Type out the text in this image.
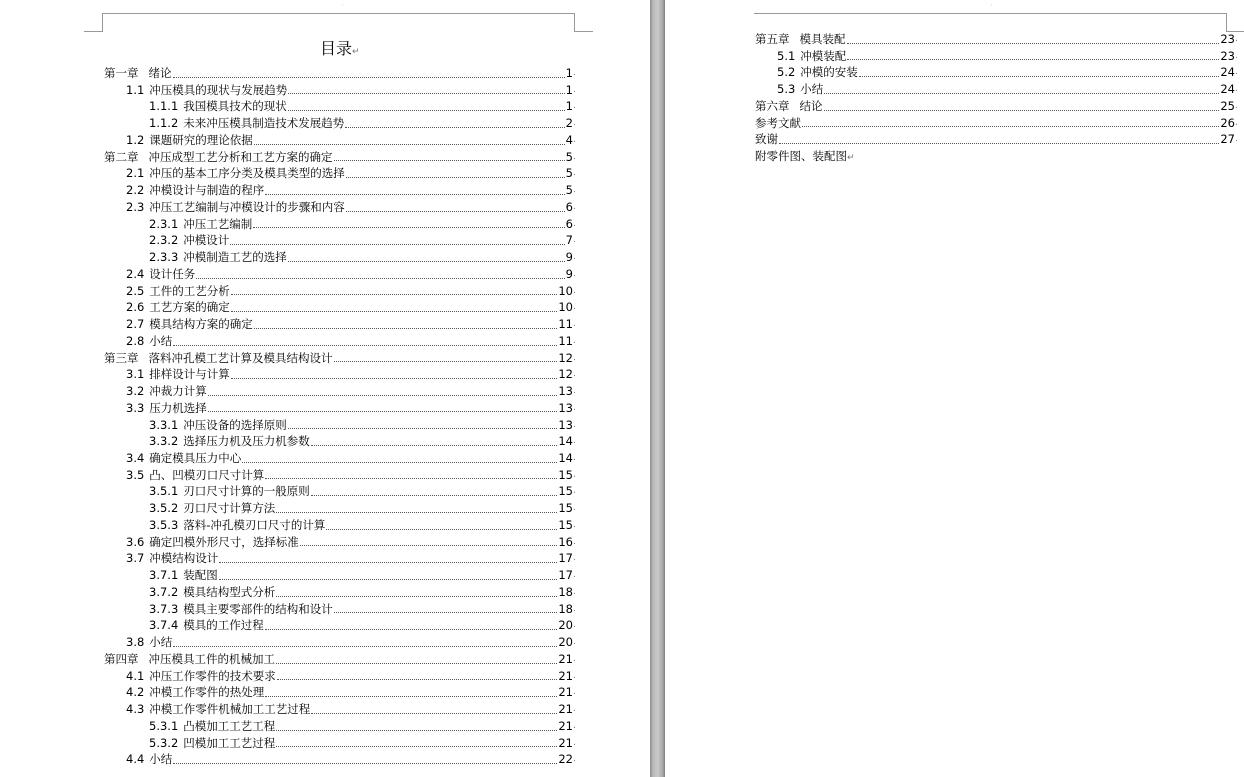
˙
目录↵
第一章 绪论	1 .
1.1 冲压模具的现状与发展趋势	1 .
1.1.1 我国模具技术的现状	1 .
1.1.2 未来冲压模具制造技术发展趋势	2 .
1.2 课题研究的理论依据	4 .
第二章 冲压成型工艺分析和工艺方案的确定	5 .
2.1 冲压的基本工序分类及模具类型的选择	5 .
2.2 冲模设计与制造的程序	5 .
2.3 冲压工艺编制与冲模设计的步骤和内容	6 .
2.3.1 冲压工艺编制	6 .
2.3.2 冲模设计	7 .
2.3.3 冲模制造工艺的选择	9 .
2.4 设计任务	9 .
2.5 工件的工艺分析	10 .
2.6 工艺方案的确定	10 .
2.7 模具结构方案的确定	11 .
2.8 小结	11 .
第三章 落料冲孔模工艺计算及模具结构设计	12 .
3.1 排样设计与计算	12 .
3.2 冲裁力计算	13 .
3.3 压力机选择	13 .
3.3.1 冲压设备的选择原则	13 .
3.3.2 选择压力机及压力机参数	14 .
3.4 确定模具压力中心	14 .
3.5 凸、凹模刃口尺寸计算	15 .
3.5.1 刃口尺寸计算的一般原则	15 .
3.5.2 刃口尺寸计算方法	15 .
3.5.3 落料-冲孔模刃口尺寸的计算	15 .
3.6 确定凹模外形尺寸，选择标准	16 .
3.7 冲模结构设计	17 .
3.7.1 装配图	17 .
3.7.2 模具结构型式分析	18 .
3.7.3 模具主要零部件的结构和设计	18 .
3.7.4 模具的工作过程	20 .
3.8 小结	20 .
第四章 冲压模具工件的机械加工	21 .
4.1 冲压工作零件的技术要求	21 .
4.2 冲模工作零件的热处理	21 .
4.3 冲模工作零件机械加工工艺过程	21 .
5.3.1 凸模加工工艺工程	21 .
5.3.2 凹模加工工艺过程	21 .
4.4 小结	22 .
˙
第五章 模具装配	23 .
5.1 冲模装配	23 .
5.2 冲模的安装	24 .
5.3 小结	24 .
第六章 结论	25 .
参考文献	26 .
致谢	27 .
附零件图、装配图↵
